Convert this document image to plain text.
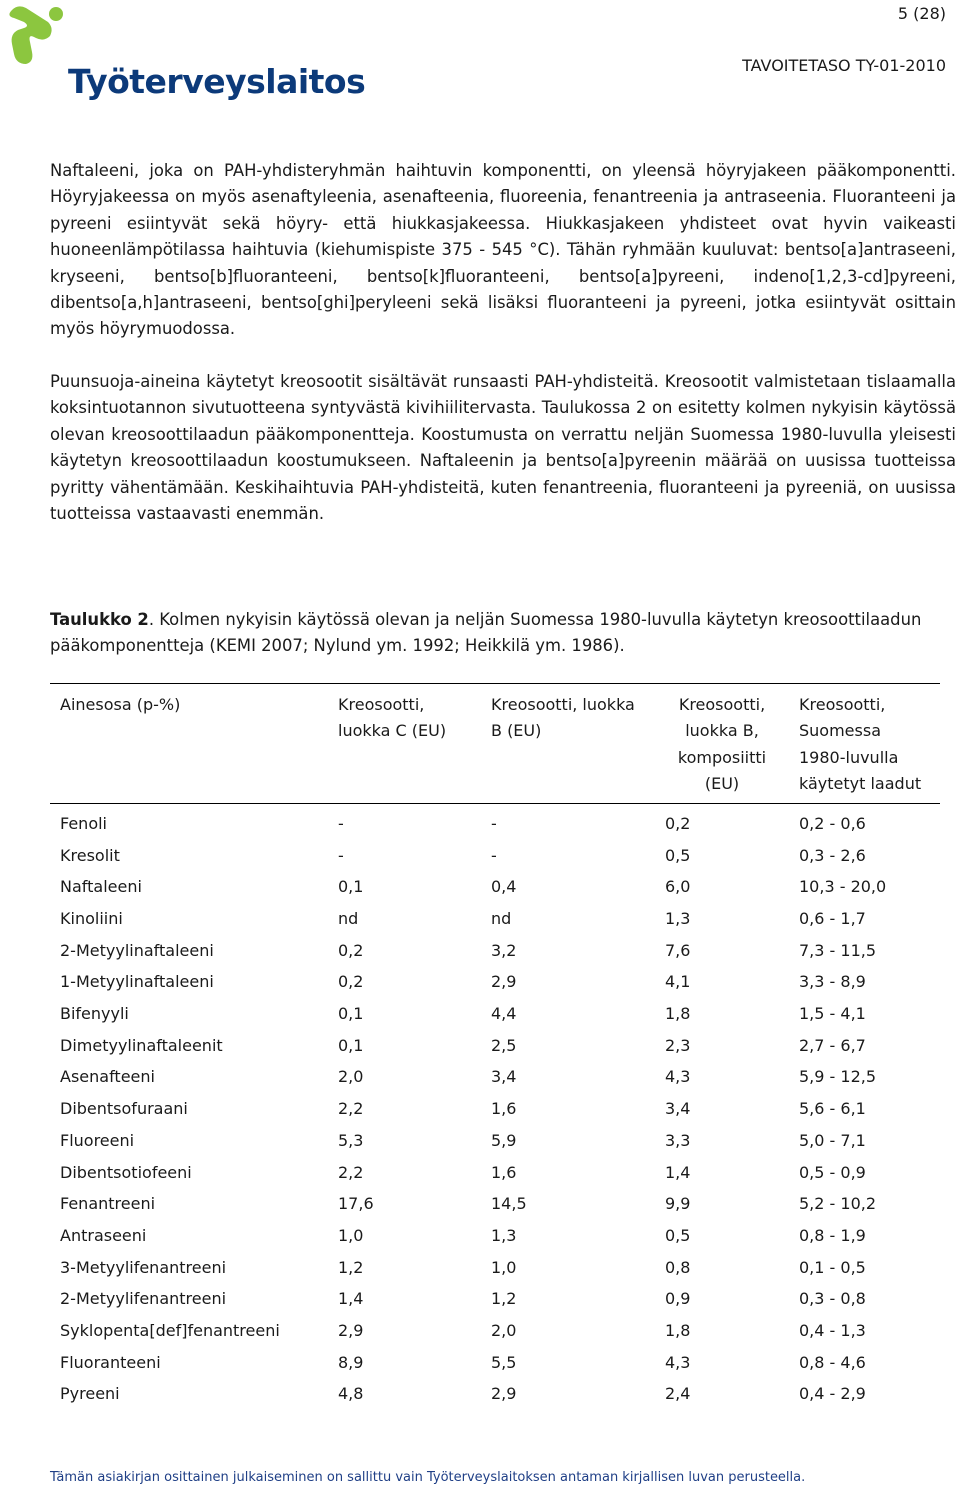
Työterveyslaitos
5 (28)
TAVOITETASO TY-01-2010

Naftaleeni, joka on PAH-yhdisteryhmän haihtuvin komponentti, on yleensä höyryjakeen pääkomponentti. Höyryjakeessa on myös asenaftyleenia, asenafteenia, fluoreenia, fenantreenia ja antraseenia. Fluoranteeni ja pyreeni esiintyvät sekä höyry- että hiukkasjakeessa. Hiukkasjakeen yhdisteet ovat hyvin vaikeasti huoneenlämpötilassa haihtuvia (kiehumispiste 375 - 545 °C). Tähän ryhmään kuuluvat: bentso[a]antraseeni, kryseeni, bentso[b]fluoranteeni, bentso[k]fluoranteeni, bentso[a]pyreeni, indeno[1,2,3-cd]pyreeni, dibentso[a,h]antraseeni, bentso[ghi]peryleeni sekä lisäksi fluoranteeni ja pyreeni, jotka esiintyvät osittain myös höyrymuodossa.

Puunsuoja-aineina käytetyt kreosootit sisältävät runsaasti PAH-yhdisteitä. Kreosootit valmistetaan tislaamalla koksintuotannon sivutuotteena syntyvästä kivihiilitervasta. Taulukossa 2 on esitetty kolmen nykyisin käytössä olevan kreosoottilaadun pääkomponentteja. Koostumusta on verrattu neljän Suomessa 1980-luvulla yleisesti käytetyn kreosoottilaadun koostumukseen. Naftaleenin ja bentso[a]pyreenin määrää on uusissa tuotteissa pyritty vähentämään. Keskihaihtuvia PAH-yhdisteitä, kuten fenantreenia, fluoranteeni ja pyreeniä, on uusissa tuotteissa vastaavasti enemmän.

Taulukko 2. Kolmen nykyisin käytössä olevan ja neljän Suomessa 1980-luvulla käytetyn kreosoottilaadun pääkomponentteja (KEMI 2007; Nylund ym. 1992; Heikkilä ym. 1986).

Ainesosa (p-%)	Kreosootti, luokka C (EU)	Kreosootti, luokka B (EU)	Kreosootti, luokka B, komposiitti (EU)	Kreosootti, Suomessa 1980-luvulla käytetyt laadut
Fenoli	-	-	0,2	0,2 - 0,6
Kresolit	-	-	0,5	0,3 - 2,6
Naftaleeni	0,1	0,4	6,0	10,3 - 20,0
Kinoliini	nd	nd	1,3	0,6 - 1,7
2-Metyylinaftaleeni	0,2	3,2	7,6	7,3 - 11,5
1-Metyylinaftaleeni	0,2	2,9	4,1	3,3 - 8,9
Bifenyyli	0,1	4,4	1,8	1,5 - 4,1
Dimetyylinaftaleenit	0,1	2,5	2,3	2,7 - 6,7
Asenafteeni	2,0	3,4	4,3	5,9 - 12,5
Dibentsofuraani	2,2	1,6	3,4	5,6 - 6,1
Fluoreeni	5,3	5,9	3,3	5,0 - 7,1
Dibentsotiofeeni	2,2	1,6	1,4	0,5 - 0,9
Fenantreeni	17,6	14,5	9,9	5,2 - 10,2
Antraseeni	1,0	1,3	0,5	0,8 - 1,9
3-Metyylifenantreeni	1,2	1,0	0,8	0,1 - 0,5
2-Metyylifenantreeni	1,4	1,2	0,9	0,3 - 0,8
Syklopenta[def]fenantreeni	2,9	2,0	1,8	0,4 - 1,3
Fluoranteeni	8,9	5,5	4,3	0,8 - 4,6
Pyreeni	4,8	2,9	2,4	0,4 - 2,9
Tämän asiakirjan osittainen julkaiseminen on sallittu vain Työterveyslaitoksen antaman kirjallisen luvan perusteella.
